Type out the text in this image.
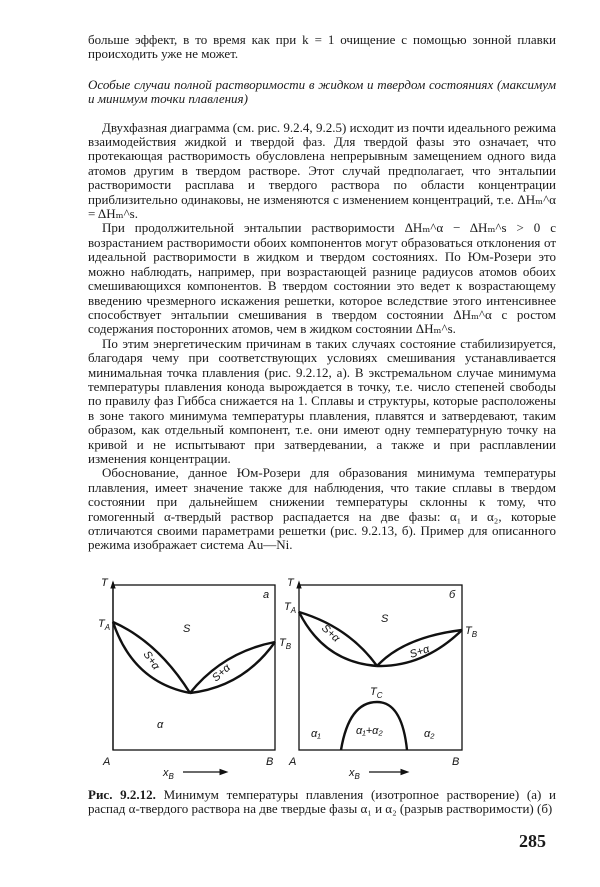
больше эффект, в то время как при k = 1 очищение с помощью зонной плавки происходить уже не может.

Особые случаи полной растворимости в жидком и твердом состояниях (максимум и минимум точки плавления)

Двухфазная диаграмма (см. рис. 9.2.4, 9.2.5) исходит из почти идеального режима взаимодействия жидкой и твердой фаз. Для твердой фазы это означает, что протекающая растворимость обусловлена непрерывным замещением одного вида атомов другим в твердом растворе. Этот случай предполагает, что энтальпии растворимости расплава и твердого раствора по области концентрации приблизительно одинаковы, не изменяются с изменением концентраций, т.е. ΔHₘ^α = ΔHₘ^s.

При продолжительной энтальпии растворимости ΔHₘ^α − ΔHₘ^s > 0 с возрастанием растворимости обоих компонентов могут образоваться отклонения от идеальной растворимости в жидком и твердом состояниях. По Юм-Розери это можно наблюдать, например, при возрастающей разнице радиусов атомов обоих смешивающихся компонентов. В твердом состоянии это ведет к возрастающему введению чрезмерного искажения решетки, которое вследствие этого интенсивнее способствует энтальпии смешивания в твердом состоянии ΔHₘ^α с ростом содержания посторонних атомов, чем в жидком состоянии ΔHₘ^s.

По этим энергетическим причинам в таких случаях состояние стабилизируется, благодаря чему при соответствующих условиях смешивания устанавливается минимальная точка плавления (рис. 9.2.12, а). В экстремальном случае минимума температуры плавления конода вырождается в точку, т.е. число степеней свободы по правилу фаз Гиббса снижается на 1. Сплавы и структуры, которые расположены в зоне такого минимума температуры плавления, плавятся и затвердевают, таким образом, как отдельный компонент, т.е. они имеют одну температурную точку на кривой и не испытывают при затвердевании, а также и при расплавлении изменения концентрации.

Обоснование, данное Юм-Розери для образования минимума температуры плавления, имеет значение также для наблюдения, что такие сплавы в твердом состоянии при дальнейшем снижении температуры склонны к тому, что гомогенный α-твердый раствор распадается на две фазы: α₁ и α₂, которые отличаются своими параметрами решетки (рис. 9.2.13, б). Пример для описанного режима изображает система Au—Ni.

T
а
$T_A$
$T_B$
S
S+α
S+α
α
A	B
$x_B$
T
б
$T_A$
$T_B$
S
S+α
S+α
$T_C$
α₁	α₁+α₂	α₂
A	B
$x_B$
Рис. 9.2.12. Минимум температуры плавления (изотропное растворение) (а) и распад α-твердого раствора на две твердые фазы α₁ и α₂ (разрыв растворимости) (б)
285
